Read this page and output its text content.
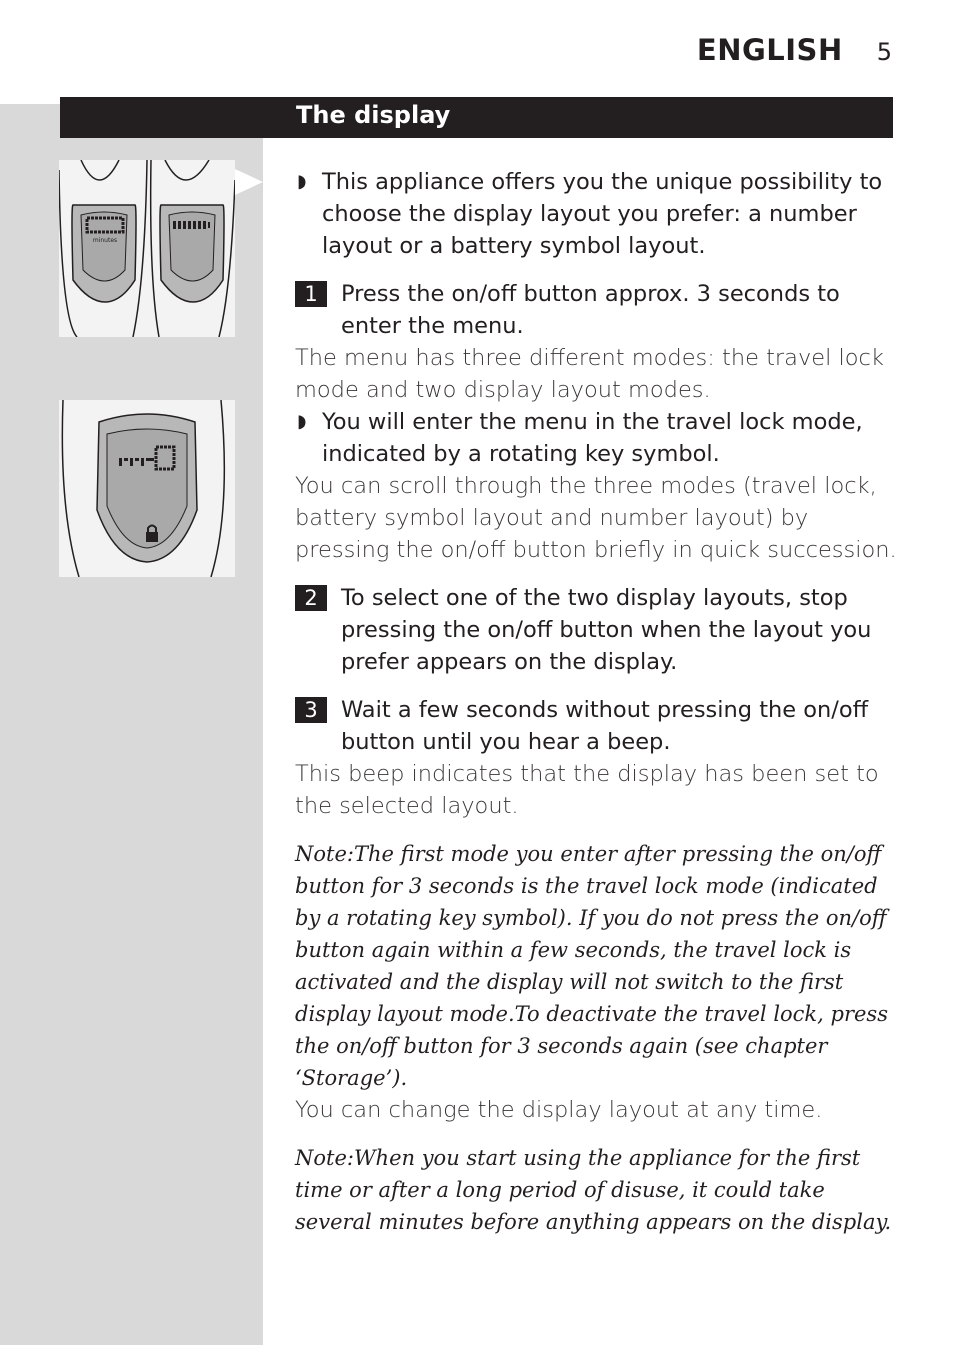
ENGLISH 5
The display
minutes

◗ This appliance offers you the unique possibility to choose the display layout you prefer: a number layout or a battery symbol layout.

1	Press the on/off button approx. 3 seconds to enter the menu.

The menu has three different modes: the travel lock mode and two display layout modes.

◗ You will enter the menu in the travel lock mode, indicated by a rotating key symbol.

You can scroll through the three modes (travel lock, battery symbol layout and number layout) by pressing the on/off button briefly in quick succession.

2	To select one of the two display layouts, stop pressing the on/off button when the layout you prefer appears on the display.

3	Wait a few seconds without pressing the on/off button until you hear a beep.

This beep indicates that the display has been set to the selected layout.

Note:The first mode you enter after pressing the on/off button for 3 seconds is the travel lock mode (indicated by a rotating key symbol). If you do not press the on/off button again within a few seconds, the travel lock is activated and the display will not switch to the first display layout mode.To deactivate the travel lock, press the on/off button for 3 seconds again (see chapter ‘Storage’).

You can change the display layout at any time.

Note:When you start using the appliance for the first time or after a long period of disuse, it could take several minutes before anything appears on the display.
